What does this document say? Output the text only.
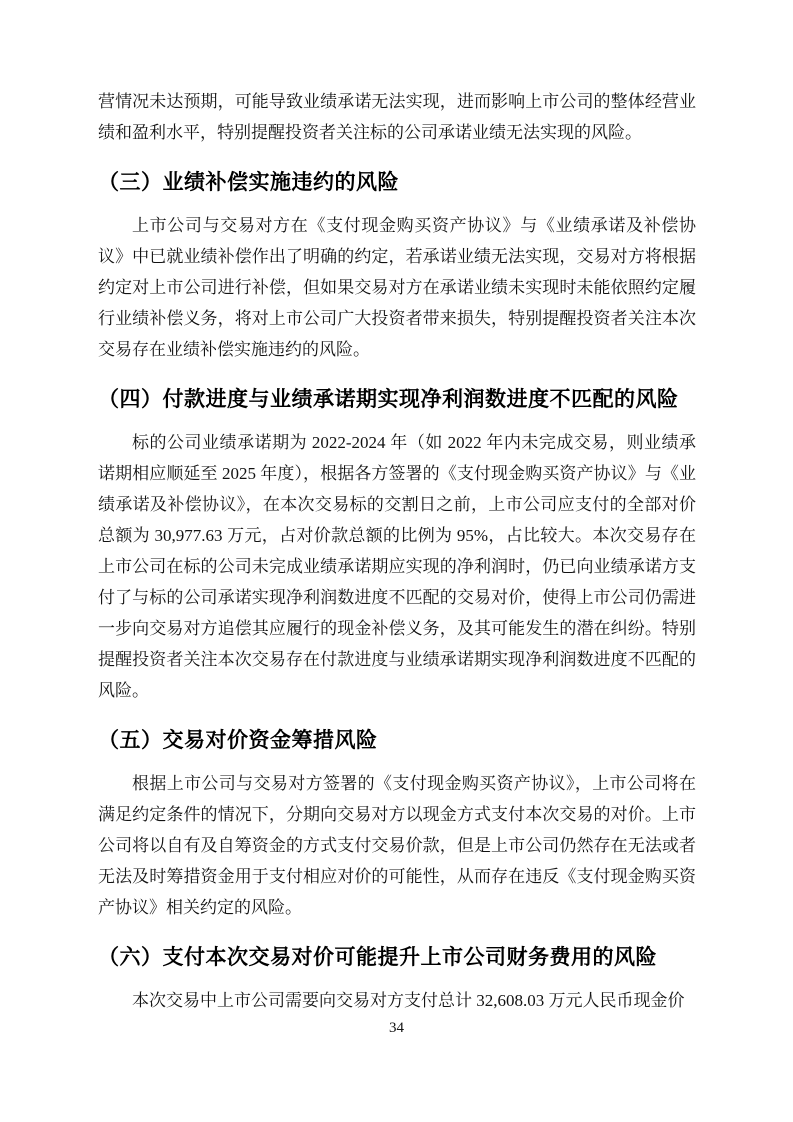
营情况未达预期，可能导致业绩承诺无法实现，进而影响上市公司的整体经营业绩和盈利水平，特别提醒投资者关注标的公司承诺业绩无法实现的风险。

（三）业绩补偿实施违约的风险

上市公司与交易对方在《支付现金购买资产协议》与《业绩承诺及补偿协议》中已就业绩补偿作出了明确的约定，若承诺业绩无法实现，交易对方将根据约定对上市公司进行补偿，但如果交易对方在承诺业绩未实现时未能依照约定履行业绩补偿义务，将对上市公司广大投资者带来损失，特别提醒投资者关注本次交易存在业绩补偿实施违约的风险。

（四）付款进度与业绩承诺期实现净利润数进度不匹配的风险

标的公司业绩承诺期为 2022-2024 年（如 2022 年内未完成交易，则业绩承诺期相应顺延至 2025 年度），根据各方签署的《支付现金购买资产协议》与《业绩承诺及补偿协议》，在本次交易标的交割日之前，上市公司应支付的全部对价总额为 30,977.63 万元，占对价款总额的比例为 95%，占比较大。本次交易存在上市公司在标的公司未完成业绩承诺期应实现的净利润时，仍已向业绩承诺方支付了与标的公司承诺实现净利润数进度不匹配的交易对价，使得上市公司仍需进一步向交易对方追偿其应履行的现金补偿义务，及其可能发生的潜在纠纷。特别提醒投资者关注本次交易存在付款进度与业绩承诺期实现净利润数进度不匹配的风险。

（五）交易对价资金筹措风险

根据上市公司与交易对方签署的《支付现金购买资产协议》，上市公司将在满足约定条件的情况下，分期向交易对方以现金方式支付本次交易的对价。上市公司将以自有及自筹资金的方式支付交易价款，但是上市公司仍然存在无法或者无法及时筹措资金用于支付相应对价的可能性，从而存在违反《支付现金购买资产协议》相关约定的风险。

（六）支付本次交易对价可能提升上市公司财务费用的风险

本次交易中上市公司需要向交易对方支付总计 32,608.03 万元人民币现金价

34
